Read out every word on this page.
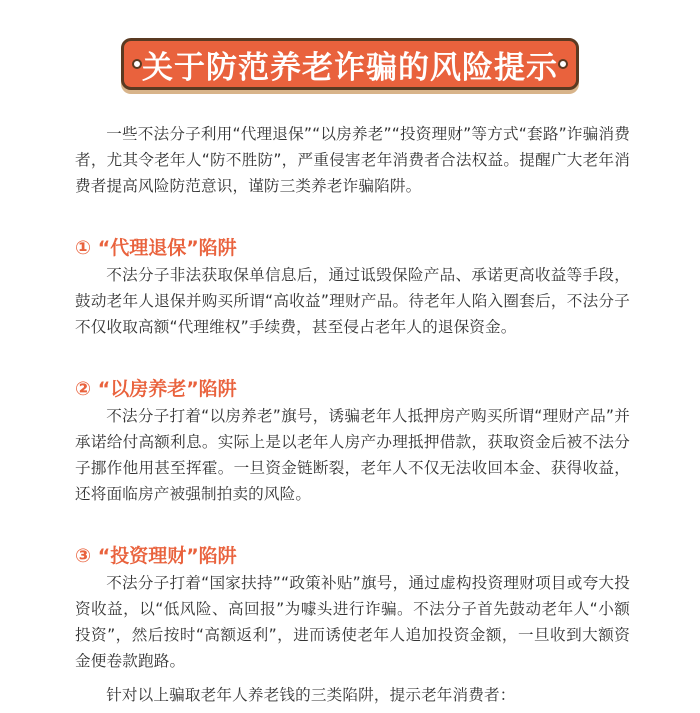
关于防范养老诈骗的风险提示

一些不法分子利用“代理退保”“以房养老”“投资理财”等方式“套路”诈骗消费者，尤其令老年人“防不胜防”，严重侵害老年消费者合法权益。提醒广大老年消费者提高风险防范意识，谨防三类养老诈骗陷阱。

① “代理退保”陷阱

不法分子非法获取保单信息后，通过诋毁保险产品、承诺更高收益等手段，鼓动老年人退保并购买所谓“高收益”理财产品。待老年人陷入圈套后，不法分子不仅收取高额“代理维权”手续费，甚至侵占老年人的退保资金。

② “以房养老”陷阱

不法分子打着“以房养老”旗号，诱骗老年人抵押房产购买所谓“理财产品”并承诺给付高额利息。实际上是以老年人房产办理抵押借款，获取资金后被不法分子挪作他用甚至挥霍。一旦资金链断裂，老年人不仅无法收回本金、获得收益，还将面临房产被强制拍卖的风险。

③ “投资理财”陷阱

不法分子打着“国家扶持”“政策补贴”旗号，通过虚构投资理财项目或夸大投资收益，以“低风险、高回报”为噱头进行诈骗。不法分子首先鼓动老年人“小额投资”，然后按时“高额返利”，进而诱使老年人追加投资金额，一旦收到大额资金便卷款跑路。

针对以上骗取老年人养老钱的三类陷阱，提示老年消费者：
